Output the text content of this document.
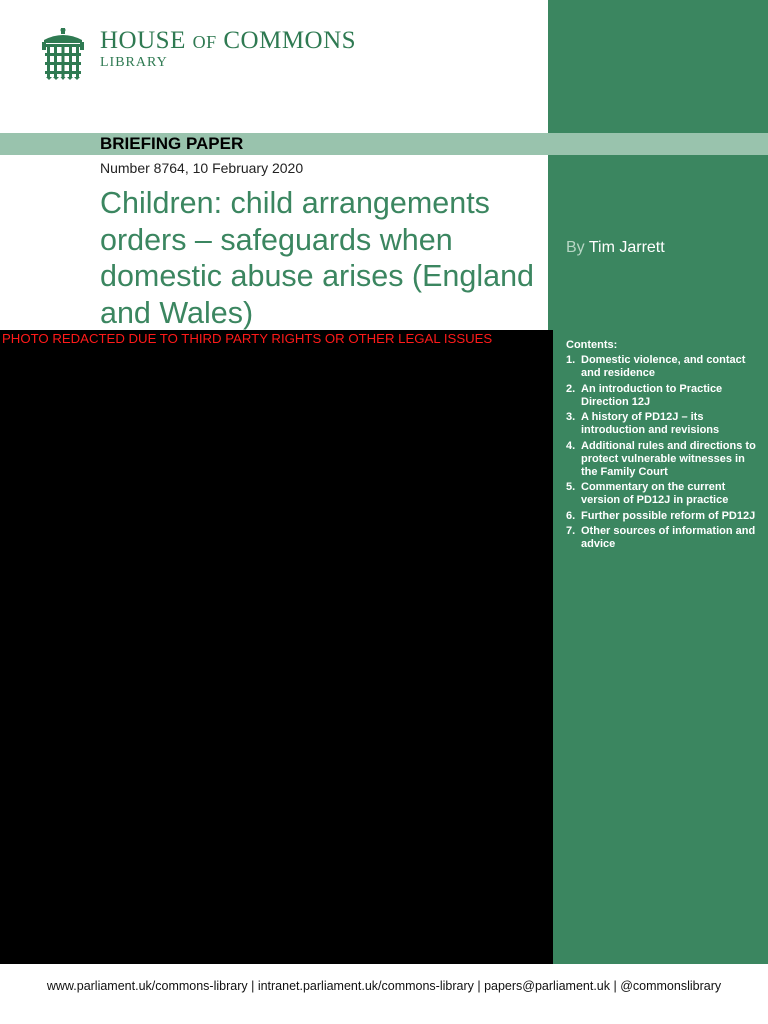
HOUSE OF COMMONS
LIBRARY
BRIEFING PAPER
Number 8764, 10 February 2020
Children: child arrangements orders – safeguards when domestic abuse arises (England and Wales)
By Tim Jarrett
PHOTO REDACTED DUE TO THIRD PARTY RIGHTS OR OTHER LEGAL ISSUES	Contents:
1. Domestic violence, and contact and residence
2. An introduction to Practice Direction 12J
3. A history of PD12J – its introduction and revisions
4. Additional rules and directions to protect vulnerable witnesses in the Family Court
5. Commentary on the current version of PD12J in practice
6. Further possible reform of PD12J
7. Other sources of information and advice
www.parliament.uk/commons-library | intranet.parliament.uk/commons-library | papers@parliament.uk | @commonslibrary
